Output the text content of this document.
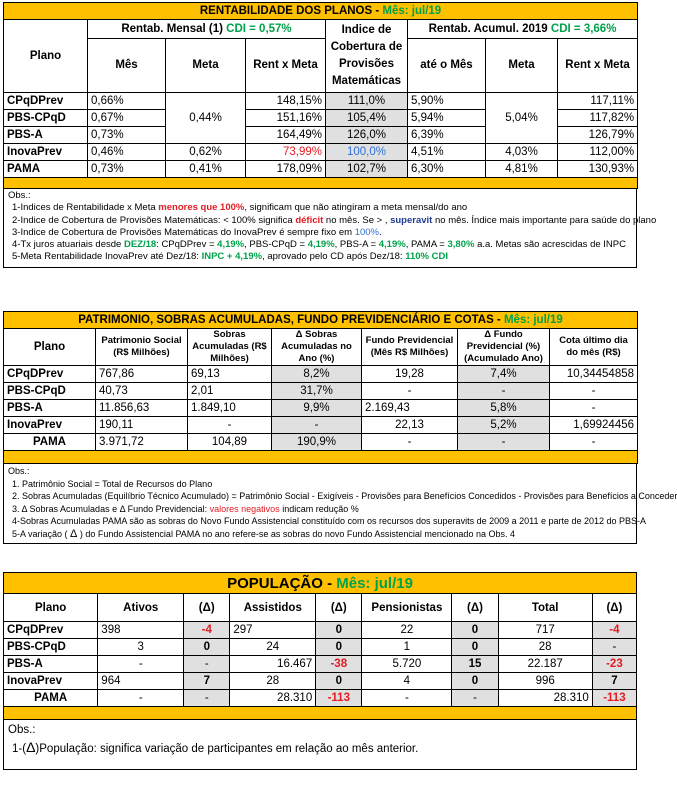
RENTABILIDADE DOS PLANOS - Mês: jul/19							
Plano	Rentab. Mensal (1) CDI = 0,57%			Indice de Cobertura de Provisões Matemáticas	Rentab. Acumul. 2019 CDI = 3,66%		
	Mês	Meta	Rent x Meta		até o Mês	Meta	Rent x Meta
CPqDPrev	0,66%	0,44%	148,15%	111,0%	5,90%	5,04%	117,11%
PBS-CPqD	0,67%		151,16%	105,4%	5,94%		117,82%
PBS-A	0,73%		164,49%	126,0%	6,39%		126,79%
InovaPrev	0,46%	0,62%	73,99%	100,0%	4,51%	4,03%	112,00%
PAMA	0,73%	0,41%	178,09%	102,7%	6,30%	4,81%	130,93%

Obs.:
1-Indices de Rentabilidade x Meta menores que 100%, significam que não atingiram a meta mensal/do ano
2-Indice de Cobertura de Provisões Matemáticas: < 100% significa déficit no mês. Se > , superavit no mês. Índice mais importante para saúde do plano
3-Indice de Cobertura de Provisões Matemáticas do InovaPrev é sempre fixo em 100%.
4-Tx juros atuariais desde DEZ/18: CPqDPrev = 4,19%, PBS-CPqD = 4,19%, PBS-A = 4,19%, PAMA = 3,80% a.a. Metas são acrescidas de INPC
5-Meta Rentabilidade InovaPrev até Dez/18: INPC + 4,19%, aprovado pelo CD após Dez/18: 110% CDI
PATRIMONIO, SOBRAS ACUMULADAS, FUNDO PREVIDENCIÁRIO E COTAS - Mês: jul/19						
Plano	Patrimonio Social (R$ Milhões)	Sobras Acumuladas (R$ Milhões)	Δ Sobras Acumuladas no Ano (%)	Fundo Previdencial (Mês R$ Milhões)	Δ Fundo Previdencial (%) (Acumulado Ano)	Cota último dia do mês (R$)
CPqDPrev	767,86	69,13	8,2%	19,28	7,4%	10,34454858
PBS-CPqD	40,73	2,01	31,7%	-	-	-
PBS-A	11.856,63	1.849,10	9,9%	2.169,43	5,8%	-
InovaPrev	190,11	-	-	22,13	5,2%	1,69924456
PAMA	3.971,72	104,89	190,9%	-	-	-

Obs.:
1. Patrimônio Social = Total de Recursos do Plano
2. Sobras Acumuladas (Equilíbrio Técnico Acumulado) = Patrimônio Social - Exigíveis - Provisões para Benefícios Concedidos - Provisões para Benefícios a Conceder
3. Δ Sobras Acumuladas e Δ Fundo Previdencial: valores negativos indicam redução %
4-Sobras Acumuladas PAMA são as sobras do Novo Fundo Assistencial constituído com os recursos dos superavits de 2009 a 2011 e parte de 2012 do PBS-A
5-A variação ( Δ ) do Fundo Assistencial PAMA no ano refere-se as sobras do novo Fundo Assistencial mencionado na Obs. 4
POPULAÇÃO - Mês: jul/19								
Plano	Ativos	(Δ)	Assistidos	(Δ)	Pensionistas	(Δ)	Total	(Δ)
CPqDPrev	398	-4	297	0	22	0	717	-4
PBS-CPqD	3	0	24	0	1	0	28	-
PBS-A	-	-	16.467	-38	5.720	15	22.187	-23
InovaPrev	964	7	28	0	4	0	996	7
PAMA	-	-	28.310	-113	-	-	28.310	-113

Obs.:
1-(Δ)População: significa variação de participantes em relação ao mês anterior.
